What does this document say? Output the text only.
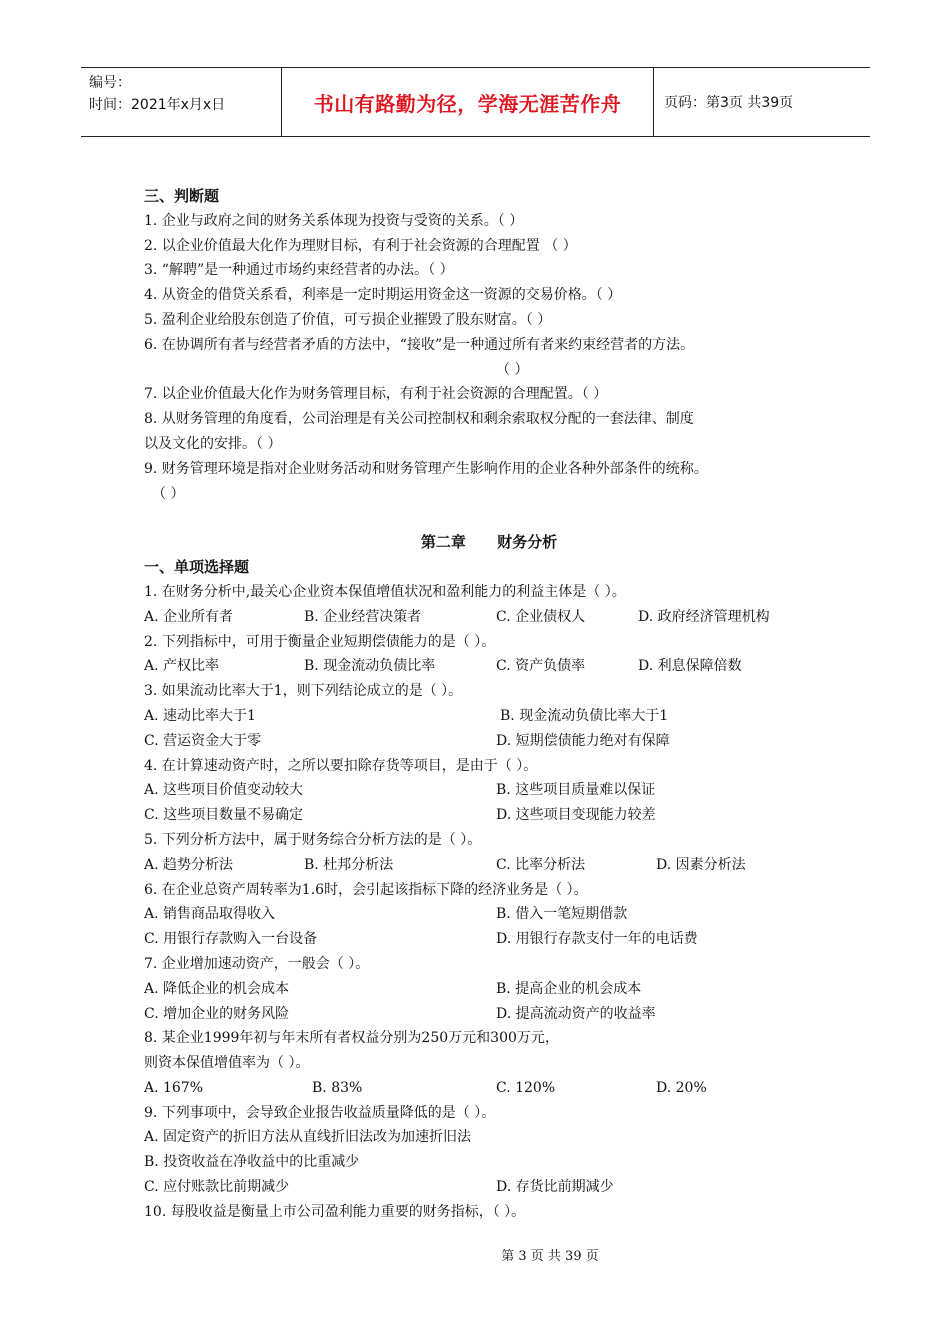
编号：
时间：2021年x月x日	书山有路勤为径，学海无涯苦作舟	页码：第3页 共39页
三、判断题
1. 企业与政府之间的财务关系体现为投资与受资的关系。（ ）
2. 以企业价值最大化作为理财目标，有利于社会资源的合理配置 （ ）
3. “解聘”是一种通过市场约束经营者的办法。（ ）
4. 从资金的借贷关系看，利率是一定时期运用资金这一资源的交易价格。（ ）
5. 盈利企业给股东创造了价值，可亏损企业摧毁了股东财富。（ ）
6. 在协调所有者与经营者矛盾的方法中，“接收”是一种通过所有者来约束经营者的方法。
（ ）
7. 以企业价值最大化作为财务管理目标，有利于社会资源的合理配置。（ ）
8. 从财务管理的角度看，公司治理是有关公司控制权和剩余索取权分配的一套法律、制度
以及文化的安排。（ ）
9. 财务管理环境是指对企业财务活动和财务管理产生影响作用的企业各种外部条件的统称。
（ ）
第二章      财务分析
一、单项选择题
1. 在财务分析中,最关心企业资本保值增值状况和盈利能力的利益主体是（ ）。
A. 企业所有者	B. 企业经营决策者	C. 企业债权人	D. 政府经济管理机构
2. 下列指标中，可用于衡量企业短期偿债能力的是（ ）。
A. 产权比率	B. 现金流动负债比率	C. 资产负债率	D. 利息保障倍数
3. 如果流动比率大于1，则下列结论成立的是（ ）。
A. 速动比率大于1	B. 现金流动负债比率大于1
C. 营运资金大于零	D. 短期偿债能力绝对有保障
4. 在计算速动资产时，之所以要扣除存货等项目，是由于（ ）。
A. 这些项目价值变动较大	B. 这些项目质量难以保证
C. 这些项目数量不易确定	D. 这些项目变现能力较差
5. 下列分析方法中，属于财务综合分析方法的是（ ）。
A. 趋势分析法	B. 杜邦分析法	C. 比率分析法	D. 因素分析法
6. 在企业总资产周转率为1.6时，会引起该指标下降的经济业务是（ ）。
A. 销售商品取得收入	B. 借入一笔短期借款
C. 用银行存款购入一台设备	D. 用银行存款支付一年的电话费
7. 企业增加速动资产，一般会（ ）。
A. 降低企业的机会成本	B. 提高企业的机会成本
C. 增加企业的财务风险	D. 提高流动资产的收益率
8. 某企业1999年初与年末所有者权益分别为250万元和300万元，
则资本保值增值率为（ ）。
A. 167%	B. 83%	C. 120%	D. 20%
9. 下列事项中，会导致企业报告收益质量降低的是（ ）。
A. 固定资产的折旧方法从直线折旧法改为加速折旧法
B. 投资收益在净收益中的比重减少
C. 应付账款比前期减少	D. 存货比前期减少
10. 每股收益是衡量上市公司盈利能力重要的财务指标，（ ）。
第 3 页 共 39 页
